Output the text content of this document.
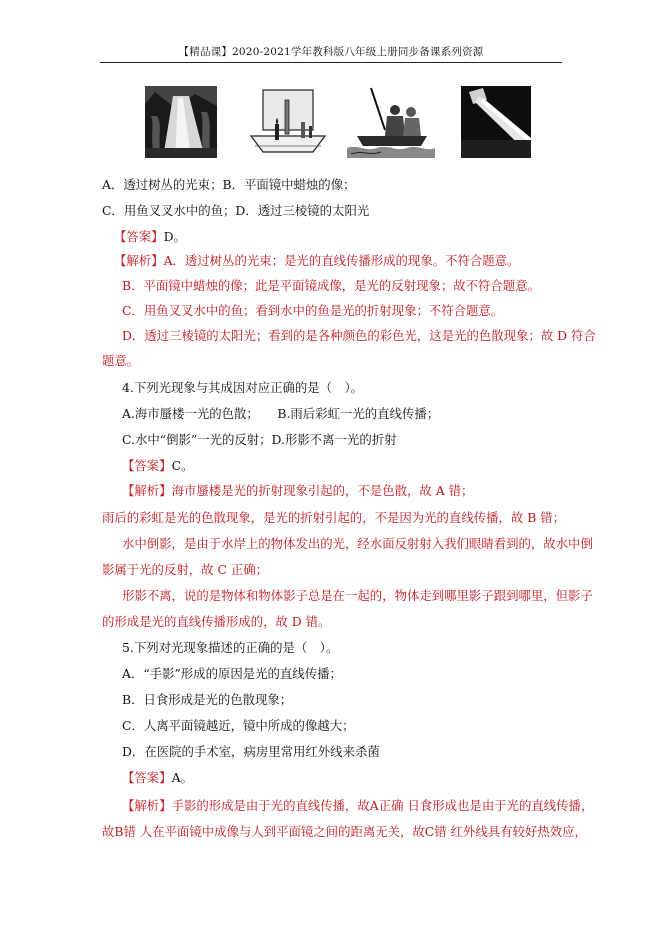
【精品课】2020-2021学年教科版八年级上册同步备课系列资源
A．透过树丛的光束；B．平面镜中蜡烛的像；
C．用鱼叉叉水中的鱼；D．透过三棱镜的太阳光
【答案】D。
【解析】A．透过树丛的光束；是光的直线传播形成的现象。不符合题意。
B．平面镜中蜡烛的像；此是平面镜成像，是光的反射现象；故不符合题意。
C．用鱼叉叉水中的鱼；看到水中的鱼是光的折射现象；不符合题意。
D．透过三棱镜的太阳光；看到的是各种颜色的彩色光，这是光的色散现象；故 D 符合
题意。
4.下列光现象与其成因对应正确的是（　）。
A.海市蜃楼一光的色散；　　B.雨后彩虹一光的直线传播；
C.水中“倒影”一光的反射；D.形影不离一光的折射
【答案】C。
【解析】海市蜃楼是光的折射现象引起的，不是色散，故 A 错；
雨后的彩虹是光的色散现象，是光的折射引起的，不是因为光的直线传播，故 B 错；
水中倒影，是由于水岸上的物体发出的光，经水面反射射入我们眼睛看到的，故水中倒
影属于光的反射，故 C 正确；
形影不离，说的是物体和物体影子总是在一起的，物体走到哪里影子跟到哪里，但影子
的形成是光的直线传播形成的，故 D 错。
5.下列对光现象描述的正确的是（　）。
A．“手影”形成的原因是光的直线传播；
B．日食形成是光的色散现象；
C．人离平面镜越近，镜中所成的像越大；
D．在医院的手术室，病房里常用红外线来杀菌
【答案】A。
【解析】手影的形成是由于光的直线传播，故A正确 日食形成也是由于光的直线传播，
故B错 人在平面镜中成像与人到平面镜之间的距离无关，故C错 红外线具有较好热效应，
